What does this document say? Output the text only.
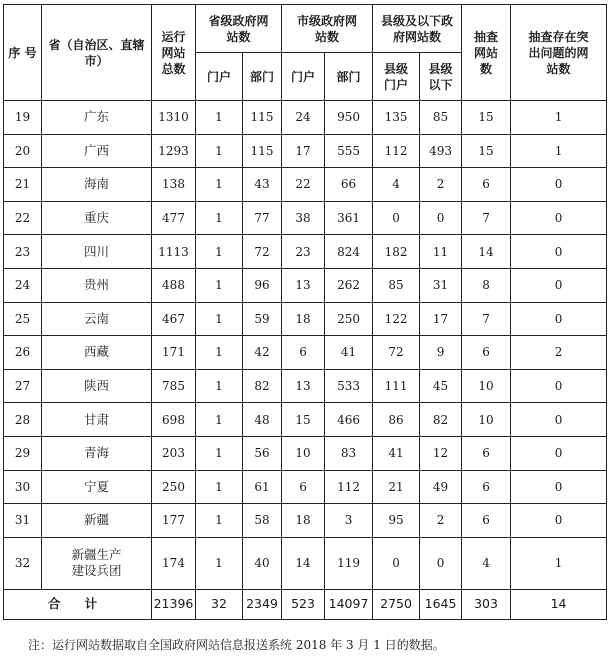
序 号	省（自治区、直辖市）	运行网站总数	省级政府网站数		市级政府网站数		县级及以下政府网站数		抽查网站数	抽查存在突出问题的网站数
			门户	部门	门户	部门	县级门户	县级以下		
19	广东	1310	1	115	24	950	135	85	15	1
20	广西	1293	1	115	17	555	112	493	15	1
21	海南	138	1	43	22	66	4	2	6	0
22	重庆	477	1	77	38	361	0	0	7	0
23	四川	1113	1	72	23	824	182	11	14	0
24	贵州	488	1	96	13	262	85	31	8	0
25	云南	467	1	59	18	250	122	17	7	0
26	西藏	171	1	42	6	41	72	9	6	2
27	陕西	785	1	82	13	533	111	45	10	0
28	甘肃	698	1	48	15	466	86	82	10	0
29	青海	203	1	56	10	83	41	12	6	0
30	宁夏	250	1	61	6	112	21	49	6	0
31	新疆	177	1	58	18	3	95	2	6	0
32	新疆生产建设兵团	174	1	40	14	119	0	0	4	1
合 计		21396	32	2349	523	14097	2750	1645	303	14
注：运行网站数据取自全国政府网站信息报送系统 2018 年 3 月 1 日的数据。
